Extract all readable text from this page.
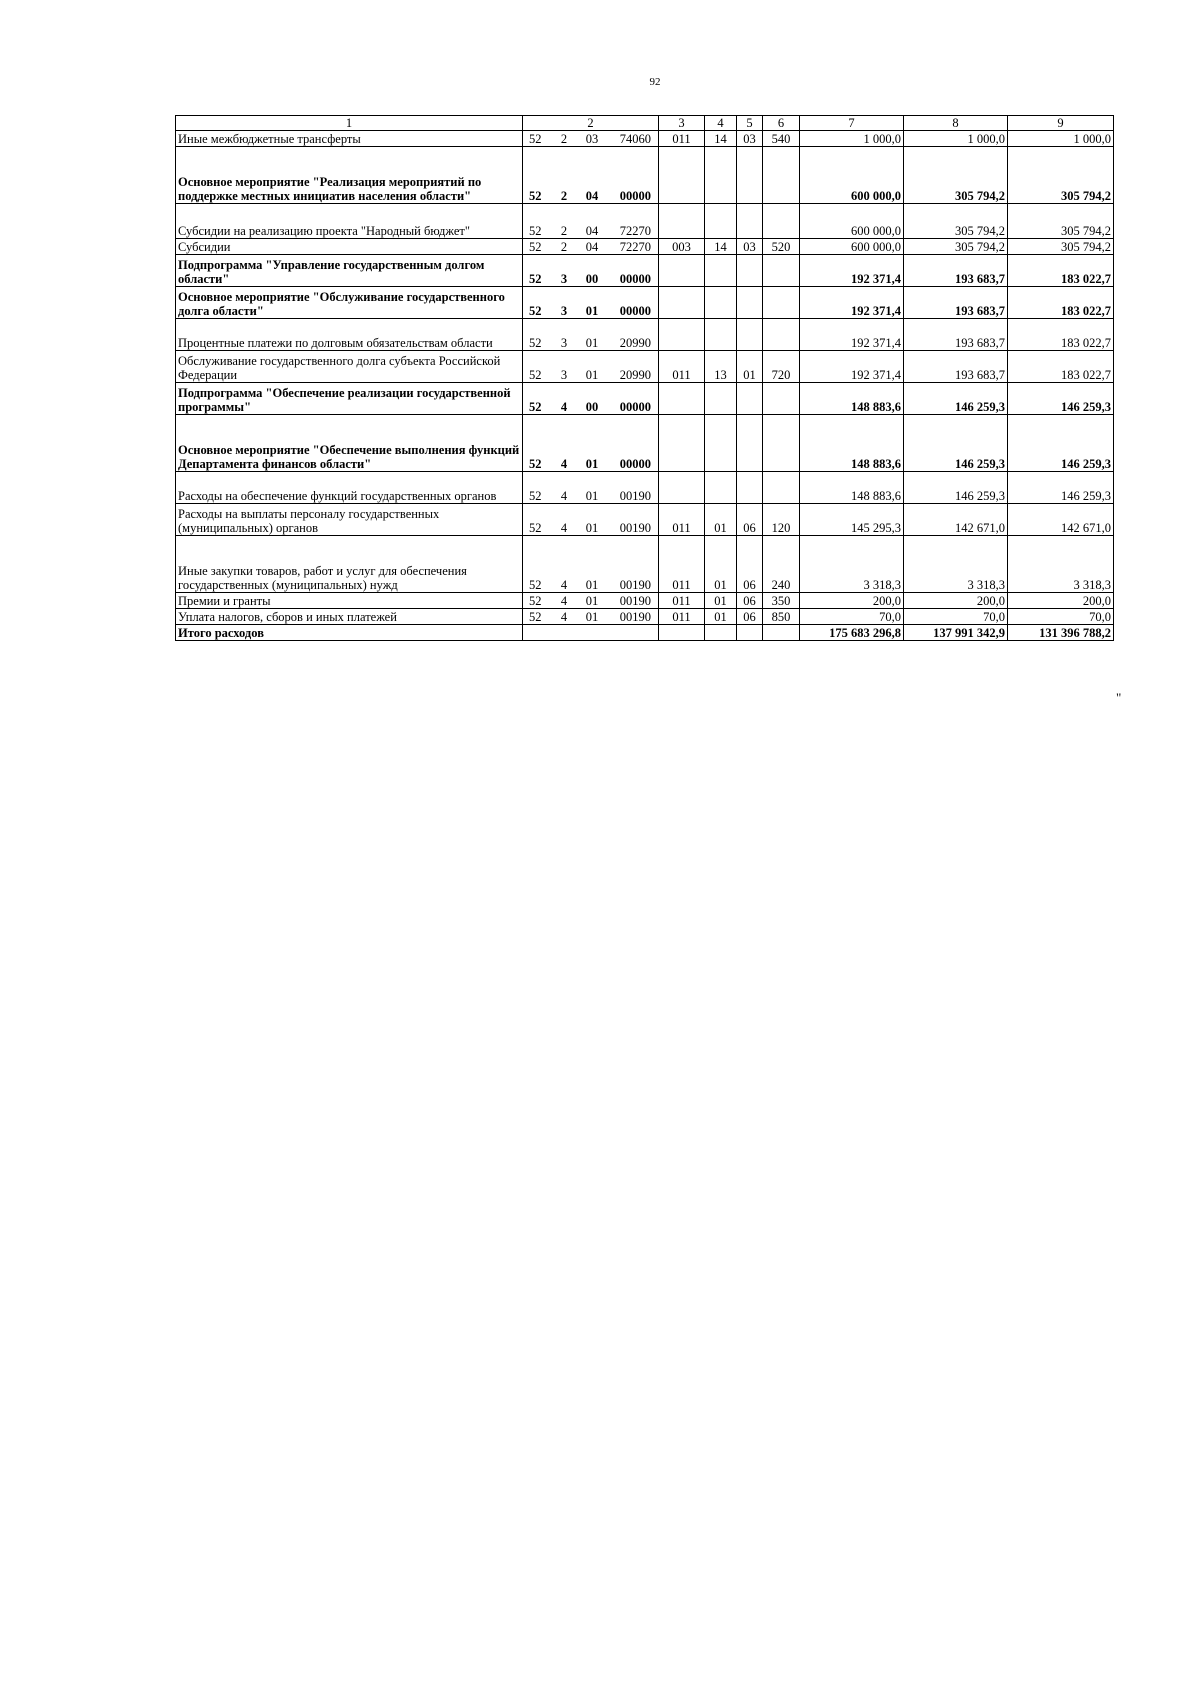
92
1	2	3	4	5	6	7	8	9
Иные межбюджетные трансферты	52 2 03 74060	011	14	03	540	1 000,0	1 000,0	1 000,0
Основное мероприятие "Реализация мероприятий по поддержке местных инициатив населения области"	52 2 04 00000					600 000,0	305 794,2	305 794,2
Субсидии на реализацию проекта "Народный бюджет"	52 2 04 72270					600 000,0	305 794,2	305 794,2
Субсидии	52 2 04 72270	003	14	03	520	600 000,0	305 794,2	305 794,2
Подпрограмма "Управление государственным долгом области"	52 3 00 00000					192 371,4	193 683,7	183 022,7
Основное мероприятие "Обслуживание государственного долга области"	52 3 01 00000					192 371,4	193 683,7	183 022,7
Процентные платежи по долговым обязательствам области	52 3 01 20990					192 371,4	193 683,7	183 022,7
Обслуживание государственного долга субъекта Российской Федерации	52 3 01 20990	011	13	01	720	192 371,4	193 683,7	183 022,7
Подпрограмма "Обеспечение реализации государственной программы"	52 4 00 00000					148 883,6	146 259,3	146 259,3
Основное мероприятие "Обеспечение выполнения функций Департамента финансов области"	52 4 01 00000					148 883,6	146 259,3	146 259,3
Расходы на обеспечение функций государственных органов	52 4 01 00190					148 883,6	146 259,3	146 259,3
Расходы на выплаты персоналу государственных (муниципальных) органов	52 4 01 00190	011	01	06	120	145 295,3	142 671,0	142 671,0
Иные закупки товаров, работ и услуг для обеспечения государственных (муниципальных) нужд	52 4 01 00190	011	01	06	240	3 318,3	3 318,3	3 318,3
Премии и гранты	52 4 01 00190	011	01	06	350	200,0	200,0	200,0
Уплата налогов, сборов и иных платежей	52 4 01 00190	011	01	06	850	70,0	70,0	70,0
Итого расходов						175 683 296,8	137 991 342,9	131 396 788,2
"
